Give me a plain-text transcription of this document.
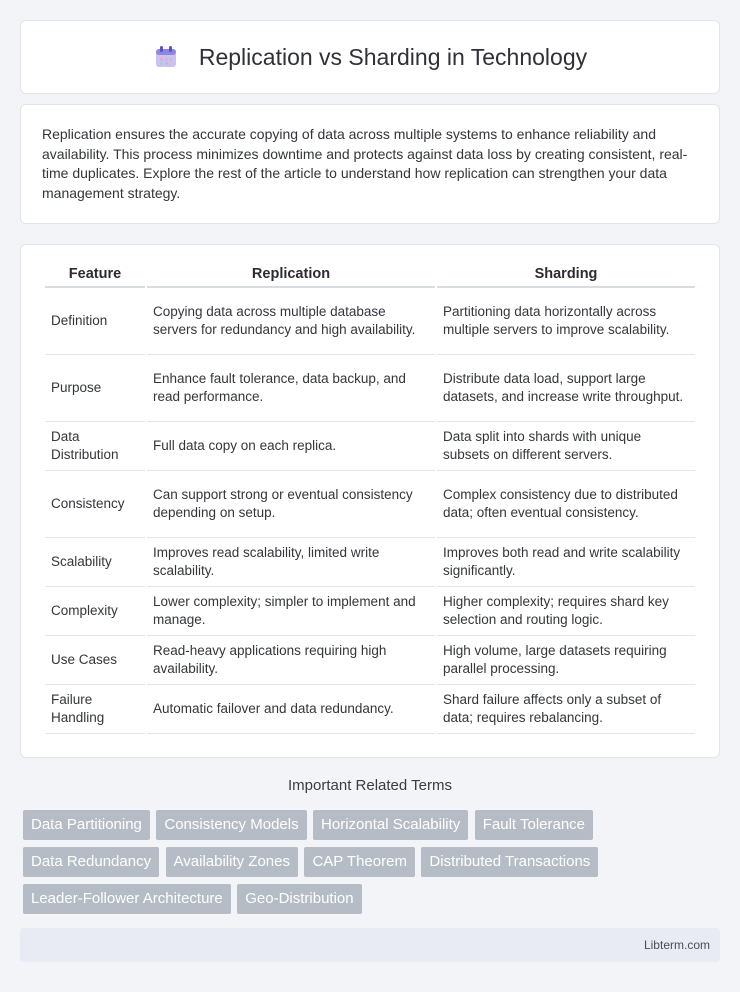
Replication vs Sharding in Technology

Replication ensures the accurate copying of data across multiple systems to enhance reliability and availability. This process minimizes downtime and protects against data loss by creating consistent, real-time duplicates. Explore the rest of the article to understand how replication can strengthen your data management strategy.

Feature	Replication	Sharding
Definition	Copying data across multiple database servers for redundancy and high availability.	Partitioning data horizontally across multiple servers to improve scalability.
Purpose	Enhance fault tolerance, data backup, and read performance.	Distribute data load, support large datasets, and increase write throughput.
Data Distribution	Full data copy on each replica.	Data split into shards with unique subsets on different servers.
Consistency	Can support strong or eventual consistency depending on setup.	Complex consistency due to distributed data; often eventual consistency.
Scalability	Improves read scalability, limited write scalability.	Improves both read and write scalability significantly.
Complexity	Lower complexity; simpler to implement and manage.	Higher complexity; requires shard key selection and routing logic.
Use Cases	Read-heavy applications requiring high availability.	High volume, large datasets requiring parallel processing.
Failure Handling	Automatic failover and data redundancy.	Shard failure affects only a subset of data; requires rebalancing.
Important Related Terms
Data Partitioning Consistency Models Horizontal Scalability Fault Tolerance Data Redundancy Availability Zones CAP Theorem Distributed Transactions Leader-Follower Architecture Geo-Distribution
Libterm.com
